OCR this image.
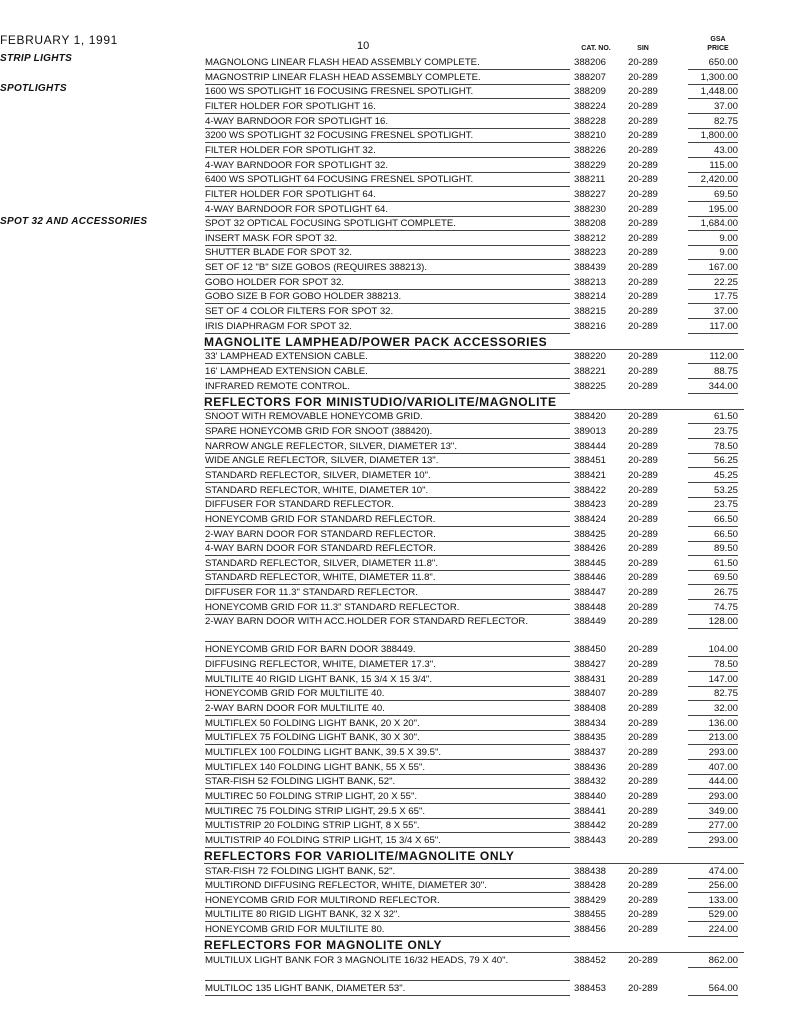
FEBRUARY 1, 1991	10	CAT. NO.	SIN
GSA
PRICE
STRIP LIGHTS
SPOTLIGHTS
SPOT 32 AND ACCESSORIES
MAGNOLONG LINEAR FLASH HEAD ASSEMBLY COMPLETE.	388206	20-289	650.00
MAGNOSTRIP LINEAR FLASH HEAD ASSEMBLY COMPLETE.	388207	20-289	1,300.00
1600 WS SPOTLIGHT 16 FOCUSING FRESNEL SPOTLIGHT.	388209	20-289	1,448.00
FILTER HOLDER FOR SPOTLIGHT 16.	388224	20-289	37.00
4-WAY BARNDOOR FOR SPOTLIGHT 16.	388228	20-289	82.75
3200 WS SPOTLIGHT 32 FOCUSING FRESNEL SPOTLIGHT.	388210	20-289	1,800.00
FILTER HOLDER FOR SPOTLIGHT 32.	388226	20-289	43.00
4-WAY BARNDOOR FOR SPOTLIGHT 32.	388229	20-289	115.00
6400 WS SPOTLIGHT 64 FOCUSING FRESNEL SPOTLIGHT.	388211	20-289	2,420.00
FILTER HOLDER FOR SPOTLIGHT 64.	388227	20-289	69.50
4-WAY BARNDOOR FOR SPOTLIGHT 64.	388230	20-289	195.00
SPOT 32 OPTICAL FOCUSING SPOTLIGHT COMPLETE.	388208	20-289	1,684.00
INSERT MASK FOR SPOT 32.	388212	20-289	9.00
SHUTTER BLADE FOR SPOT 32.	388223	20-289	9.00
SET OF 12 "B" SIZE GOBOS (REQUIRES 388213).	388439	20-289	167.00
GOBO HOLDER FOR SPOT 32.	388213	20-289	22.25
GOBO SIZE B FOR GOBO HOLDER 388213.	388214	20-289	17.75
SET OF 4 COLOR FILTERS FOR SPOT 32.	388215	20-289	37.00
IRIS DIAPHRAGM FOR SPOT 32.	388216	20-289	117.00
MAGNOLITE LAMPHEAD/POWER PACK ACCESSORIES
33' LAMPHEAD EXTENSION CABLE.	388220	20-289	112.00
16' LAMPHEAD EXTENSION CABLE.	388221	20-289	88.75
INFRARED REMOTE CONTROL.	388225	20-289	344.00
REFLECTORS FOR MINISTUDIO/VARIOLITE/MAGNOLITE
SNOOT WITH REMOVABLE HONEYCOMB GRID.	388420	20-289	61.50
SPARE HONEYCOMB GRID FOR SNOOT (388420).	389013	20-289	23.75
NARROW ANGLE REFLECTOR, SILVER, DIAMETER 13".	388444	20-289	78.50
WIDE ANGLE REFLECTOR, SILVER, DIAMETER 13".	388451	20-289	56.25
STANDARD REFLECTOR, SILVER, DIAMETER 10".	388421	20-289	45.25
STANDARD REFLECTOR, WHITE, DIAMETER 10".	388422	20-289	53.25
DIFFUSER FOR STANDARD REFLECTOR.	388423	20-289	23.75
HONEYCOMB GRID FOR STANDARD REFLECTOR.	388424	20-289	66.50
2-WAY BARN DOOR FOR STANDARD REFLECTOR.	388425	20-289	66.50
4-WAY BARN DOOR FOR STANDARD REFLECTOR.	388426	20-289	89.50
STANDARD REFLECTOR, SILVER, DIAMETER 11.8".	388445	20-289	61.50
STANDARD REFLECTOR, WHITE, DIAMETER 11.8".	388446	20-289	69.50
DIFFUSER FOR 11.3" STANDARD REFLECTOR.	388447	20-289	26.75
HONEYCOMB GRID FOR 11.3" STANDARD REFLECTOR.	388448	20-289	74.75
2-WAY BARN DOOR WITH ACC.HOLDER FOR STANDARD REFLECTOR.	388449	20-289	128.00
HONEYCOMB GRID FOR BARN DOOR 388449.	388450	20-289	104.00
DIFFUSING REFLECTOR, WHITE, DIAMETER 17.3".	388427	20-289	78.50
MULTILITE 40 RIGID LIGHT BANK, 15 3/4 X 15 3/4".	388431	20-289	147.00
HONEYCOMB GRID FOR MULTILITE 40.	388407	20-289	82.75
2-WAY BARN DOOR FOR MULTILITE 40.	388408	20-289	32.00
MULTIFLEX 50 FOLDING LIGHT BANK, 20 X 20".	388434	20-289	136.00
MULTIFLEX 75 FOLDING LIGHT BANK, 30 X 30".	388435	20-289	213.00
MULTIFLEX 100 FOLDING LIGHT BANK, 39.5 X 39.5".	388437	20-289	293.00
MULTIFLEX 140 FOLDING LIGHT BANK, 55 X 55".	388436	20-289	407.00
STAR-FISH 52 FOLDING LIGHT BANK, 52".	388432	20-289	444.00
MULTIREC 50 FOLDING STRIP LIGHT, 20 X 55".	388440	20-289	293.00
MULTIREC 75 FOLDING STRIP LIGHT, 29.5 X 65".	388441	20-289	349.00
MULTISTRIP 20 FOLDING STRIP LIGHT, 8 X 55".	388442	20-289	277.00
MULTISTRIP 40 FOLDING STRIP LIGHT, 15 3/4 X 65".	388443	20-289	293.00
REFLECTORS FOR VARIOLITE/MAGNOLITE ONLY
STAR-FISH 72 FOLDING LIGHT BANK, 52".	388438	20-289	474.00
MULTIROND DIFFUSING REFLECTOR, WHITE, DIAMETER 30".	388428	20-289	256.00
HONEYCOMB GRID FOR MULTIROND REFLECTOR.	388429	20-289	133.00
MULTILITE 80 RIGID LIGHT BANK, 32 X 32".	388455	20-289	529.00
HONEYCOMB GRID FOR MULTILITE 80.	388456	20-289	224.00
REFLECTORS FOR MAGNOLITE ONLY
MULTILUX LIGHT BANK FOR 3 MAGNOLITE 16/32 HEADS, 79 X 40".	388452	20-289	862.00
MULTILOC 135 LIGHT BANK, DIAMETER 53".	388453	20-289	564.00
